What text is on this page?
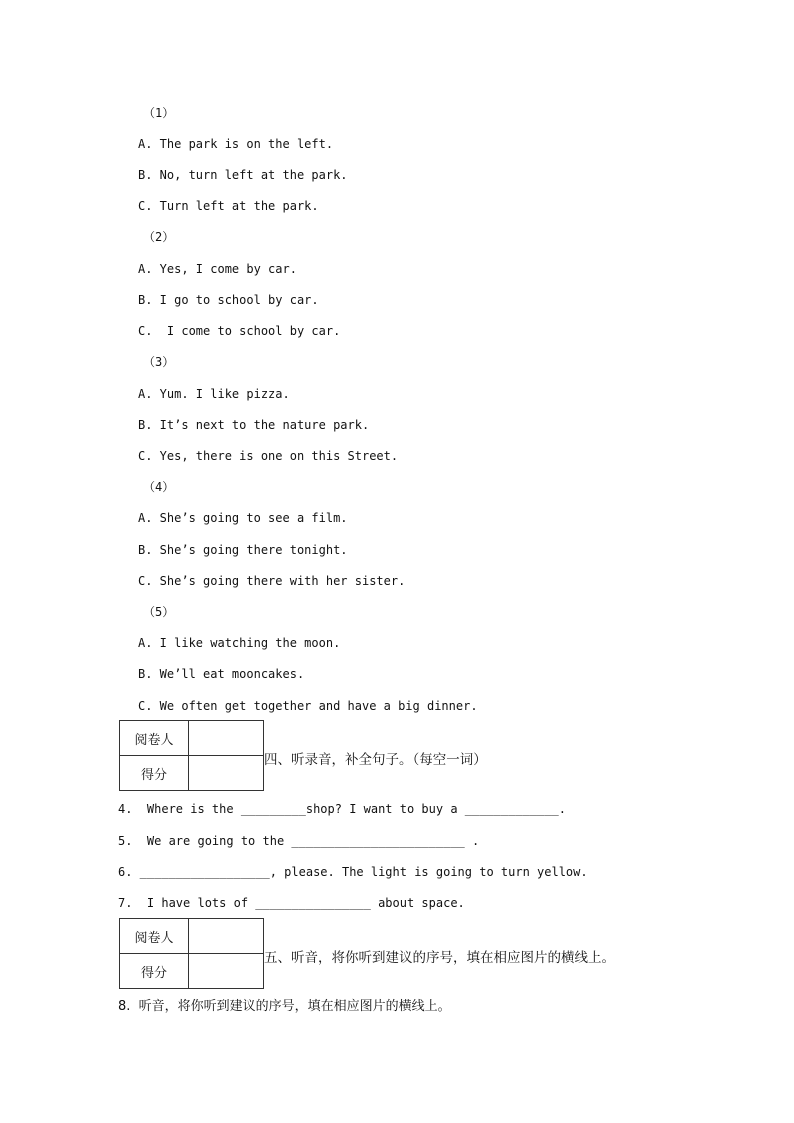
（1）
A. The park is on the left.
B. No, turn left at the park.
C. Turn left at the park.
（2）
A. Yes, I come by car.
B. I go to school by car.
C.  I come to school by car.
（3）
A. Yum. I like pizza.
B. It’s next to the nature park.
C. Yes, there is one on this Street.
（4）
A. She’s going to see a film.
B. She’s going there tonight.
C. She’s going there with her sister.
（5）
A. I like watching the moon.
B. We’ll eat mooncakes.
C. We often get together and have a big dinner.
阅卷人	
得分	
四、听录音，补全句子。（每空一词）
4.  Where is the _________shop? I want to buy a _____________.
5.  We are going to the ________________________ .
6. __________________, please. The light is going to turn yellow.
7.  I have lots of ________________ about space.
阅卷人	
得分	
五、听音，将你听到建议的序号，填在相应图片的横线上。
8.  听音，将你听到建议的序号，填在相应图片的横线上。
